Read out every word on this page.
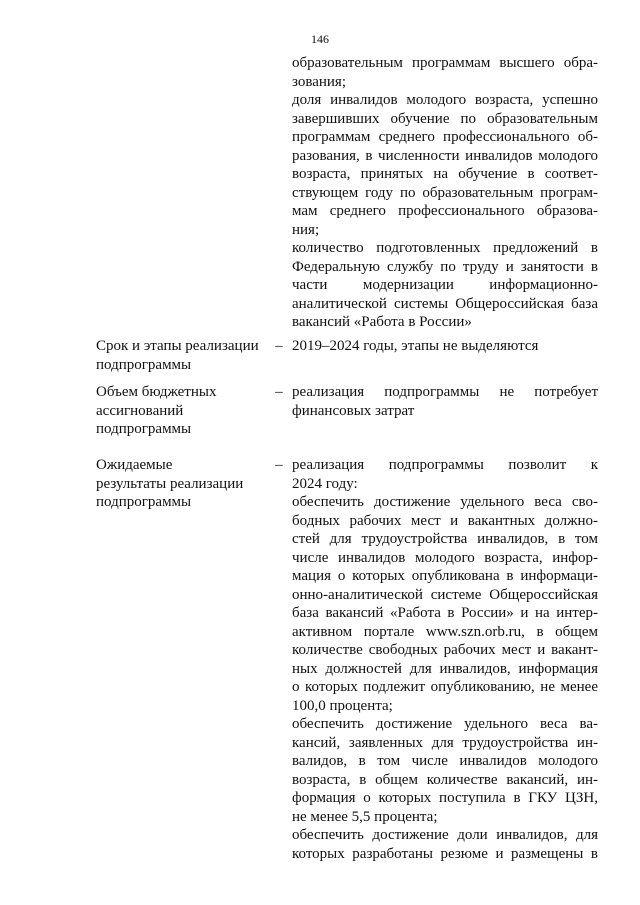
146
образовательным программам высшего обра-
зования;
доля инвалидов молодого возраста, успешно
завершивших обучение по образовательным
программам среднего профессионального об-
разования, в численности инвалидов молодого
возраста, принятых на обучение в соответ-
ствующем году по образовательным програм-
мам среднего профессионального образова-
ния;
количество подготовленных предложений в
Федеральную службу по труду и занятости в
части модернизации информационно-
аналитической системы Общероссийская база
вакансий «Работа в России»
Срок и этапы реализации
подпрограммы
– 2019–2024 годы, этапы не выделяются
Объем бюджетных
ассигнований
подпрограммы
– реализация подпрограммы не потребует
финансовых затрат
Ожидаемые
результаты реализации
подпрограммы
– реализация подпрограммы позволит к
2024 году:
обеспечить достижение удельного веса сво-
бодных рабочих мест и вакантных должно-
стей для трудоустройства инвалидов, в том
числе инвалидов молодого возраста, инфор-
мация о которых опубликована в информаци-
онно-аналитической системе Общероссийская
база вакансий «Работа в России» и на интер-
активном портале www.szn.orb.ru, в общем
количестве свободных рабочих мест и вакант-
ных должностей для инвалидов, информация
о которых подлежит опубликованию, не менее
100,0 процента;
обеспечить достижение удельного веса ва-
кансий, заявленных для трудоустройства ин-
валидов, в том числе инвалидов молодого
возраста, в общем количестве вакансий, ин-
формация о которых поступила в ГКУ ЦЗН,
не менее 5,5 процента;
обеспечить достижение доли инвалидов, для
которых разработаны резюме и размещены в
